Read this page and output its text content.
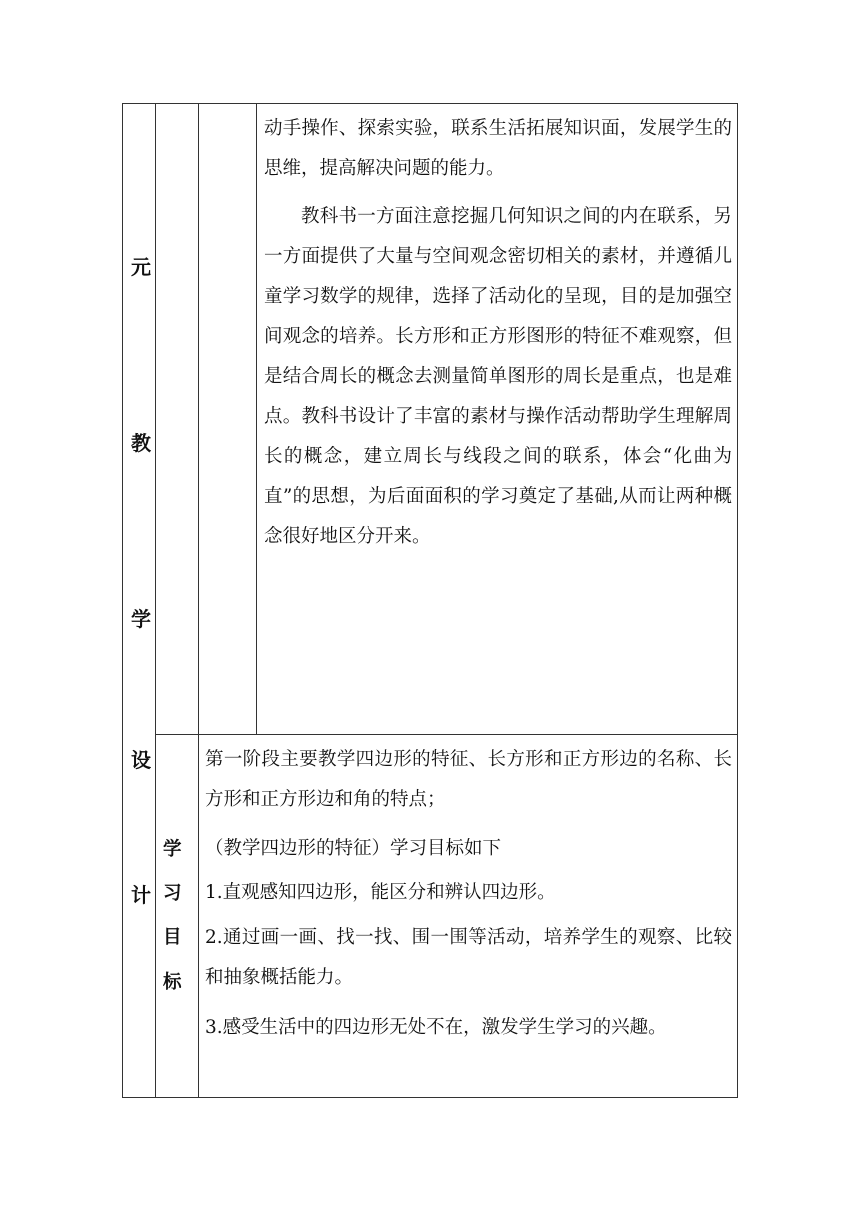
元
教
学
设
计

动手操作、探索实验，联系生活拓展知识面，发展学生的思维，提高解决问题的能力。

教科书一方面注意挖掘几何知识之间的内在联系，另一方面提供了大量与空间观念密切相关的素材，并遵循儿童学习数学的规律，选择了活动化的呈现，目的是加强空间观念的培养。长方形和正方形图形的特征不难观察，但是结合周长的概念去测量简单图形的周长是重点，也是难点。教科书设计了丰富的素材与操作活动帮助学生理解周长的概念，建立周长与线段之间的联系，体会“化曲为直”的思想，为后面面积的学习奠定了基础,从而让两种概念很好地区分开来。

学
习
目
标

第一阶段主要教学四边形的特征、长方形和正方形边的名称、长方形和正方形边和角的特点；

（教学四边形的特征）学习目标如下

1.直观感知四边形，能区分和辨认四边形。

2.通过画一画、找一找、围一围等活动，培养学生的观察、比较和抽象概括能力。

3.感受生活中的四边形无处不在，激发学生学习的兴趣。
